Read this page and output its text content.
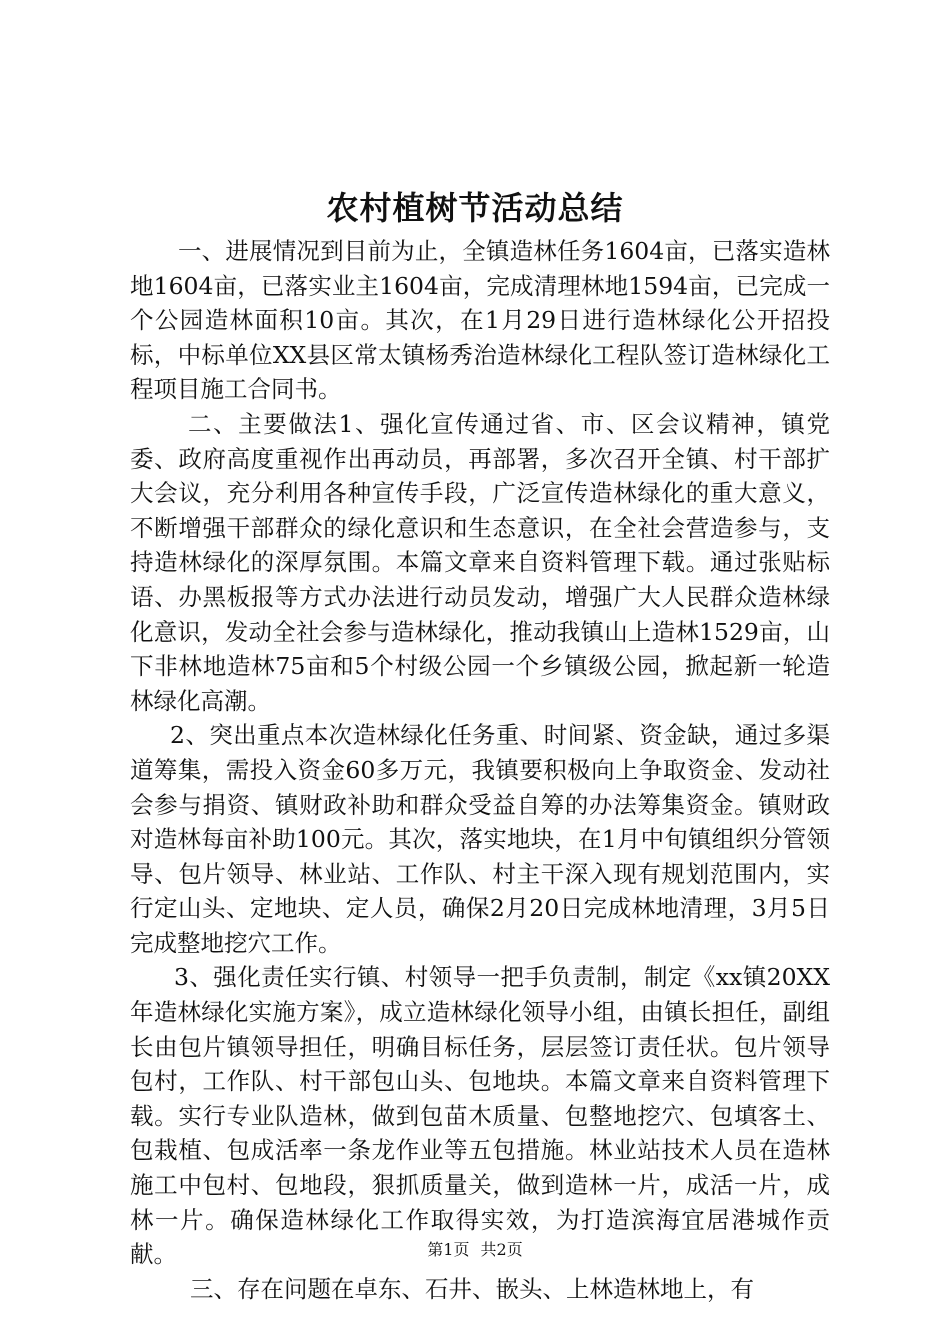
农村植树节活动总结

一、进展情况到目前为止，全镇造林任务1604亩，已落实造林地1604亩，已落实业主1604亩，完成清理林地1594亩，已完成一个公园造林面积10亩。其次，在1月29日进行造林绿化公开招投标，中标单位XX县区常太镇杨秀治造林绿化工程队签订造林绿化工程项目施工合同书。

二、主要做法1、强化宣传通过省、市、区会议精神，镇党委、政府高度重视作出再动员，再部署，多次召开全镇、村干部扩大会议，充分利用各种宣传手段，广泛宣传造林绿化的重大意义，不断增强干部群众的绿化意识和生态意识，在全社会营造参与，支持造林绿化的深厚氛围。本篇文章来自资料管理下载。通过张贴标语、办黑板报等方式办法进行动员发动，增强广大人民群众造林绿化意识，发动全社会参与造林绿化，推动我镇山上造林1529亩，山下非林地造林75亩和5个村级公园一个乡镇级公园，掀起新一轮造林绿化高潮。

2、突出重点本次造林绿化任务重、时间紧、资金缺，通过多渠道筹集，需投入资金60多万元，我镇要积极向上争取资金、发动社会参与捐资、镇财政补助和群众受益自筹的办法筹集资金。镇财政对造林每亩补助100元。其次，落实地块，在1月中旬镇组织分管领导、包片领导、林业站、工作队、村主干深入现有规划范围内，实行定山头、定地块、定人员，确保2月20日完成林地清理，3月5日完成整地挖穴工作。

3、强化责任实行镇、村领导一把手负责制，制定《xx镇20XX年造林绿化实施方案》，成立造林绿化领导小组，由镇长担任，副组长由包片镇领导担任，明确目标任务，层层签订责任状。包片领导包村，工作队、村干部包山头、包地块。本篇文章来自资料管理下载。实行专业队造林，做到包苗木质量、包整地挖穴、包填客土、包栽植、包成活率一条龙作业等五包措施。林业站技术人员在造林施工中包村、包地段，狠抓质量关，做到造林一片，成活一片，成林一片。确保造林绿化工作取得实效，为打造滨海宜居港城作贡献。

三、存在问题在卓东、石井、嵌头、上林造林地上，有

第1页 共2页
